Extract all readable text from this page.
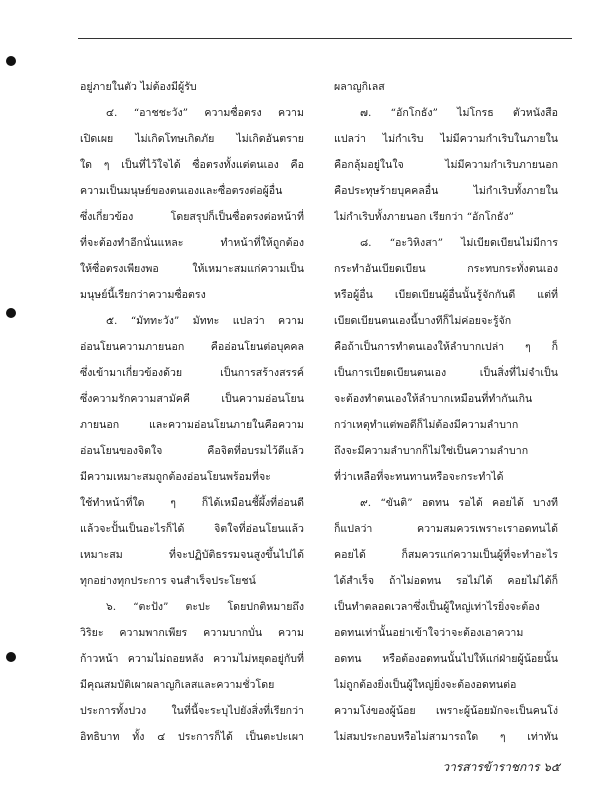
อยู่ภายในตัว ไม่ต้องมีผู้รับ
๔. “อาชชะวัง” ความซื่อตรง ความ
เปิดเผย ไม่เกิดโทษเกิดภัย ไม่เกิดอันตราย
ใด ๆ เป็นที่ไว้ใจได้ ซื่อตรงทั้งแต่ตนเอง คือ
ความเป็นมนุษย์ของตนเองและซื่อตรงต่อผู้อื่น
ซึ่งเกี่ยวข้อง โดยสรุปก็เป็นซื่อตรงต่อหน้าที่
ที่จะต้องทำอีกนั่นแหละ ทำหน้าที่ให้ถูกต้อง
ให้ซื่อตรงเพียงพอ ให้เหมาะสมแก่ความเป็น
มนุษย์นี้เรียกว่าความซื่อตรง
๕. “มัททะวัง” มัททะ แปลว่า ความ
อ่อนโยนความภายนอก คืออ่อนโยนต่อบุคคล
ซึ่งเข้ามาเกี่ยวข้องด้วย เป็นการสร้างสรรค์
ซึ่งความรักความสามัคคี เป็นความอ่อนโยน
ภายนอก และความอ่อนโยนภายในคือความ
อ่อนโยนของจิตใจ คือจิตที่อบรมไว้ดีแล้ว
มีความเหมาะสมถูกต้องอ่อนโยนพร้อมที่จะ
ใช้ทำหน้าที่ใด ๆ ก็ได้เหมือนชี้ผึ้งที่อ่อนดี
แล้วจะปั้นเป็นอะไรก็ได้ จิตใจที่อ่อนโยนแล้ว
เหมาะสม ที่จะปฏิบัติธรรมจนสูงขึ้นไปได้
ทุกอย่างทุกประการ จนสำเร็จประโยชน์
๖. “ตะปัง” ตะปะ โดยปกติหมายถึง
วิริยะ ความพากเพียร ความบากบั่น ความ
ก้าวหน้า ความไม่ถอยหลัง ความไม่หยุดอยู่กับที่
มีคุณสมบัติเผาผลาญกิเลสและความชั่วโดย
ประการทั้งปวง ในที่นี้จะระบุไปยังสิ่งที่เรียกว่า
อิทธิบาท ทั้ง ๔ ประการก็ได้ เป็นตะปะเผา
ผลาญกิเลส
๗. “อักโกธัง” ไม่โกรธ ตัวหนังสือ
แปลว่า ไม่กำเริบ ไม่มีความกำเริบในภายใน
คือกลุ้มอยู่ในใจ ไม่มีความกำเริบภายนอก
คือประทุษร้ายบุคคลอื่น ไม่กำเริบทั้งภายใน
ไม่กำเริบทั้งภายนอก เรียกว่า “อักโกธัง”
๘. “อะวิหิงสา” ไม่เบียดเบียนไม่มีการ
กระทำอันเบียดเบียน กระทบกระทั่งตนเอง
หรือผู้อื่น เบียดเบียนผู้อื่นนั้นรู้จักกันดี แต่ที่
เบียดเบียนตนเองนี้บางทีก็ไม่ค่อยจะรู้จัก
คือถ้าเป็นการทำตนเองให้ลำบากเปล่า ๆ ก็
เป็นการเบียดเบียนตนเอง เป็นสิ่งที่ไม่จำเป็น
จะต้องทำตนเองให้ลำบากเหมือนที่ทำกันเกิน
กว่าเหตุทำแต่พอดีก็ไม่ต้องมีความลำบาก
ถึงจะมีความลำบากก็ไม่ใช่เป็นความลำบาก
ที่ว่าเหลือที่จะทนทานหรือจะกระทำได้
๙. “ขันติ” อดทน รอได้ คอยได้ บางที
ก็แปลว่า ความสมควรเพราะเราอดทนได้
คอยได้ ก็สมควรแก่ความเป็นผู้ที่จะทำอะไร
ได้สำเร็จ ถ้าไม่อดทน รอไม่ได้ คอยไม่ได้ก็
เป็นทำตลอดเวลาซึ่งเป็นผู้ใหญ่เท่าไรยิ่งจะต้อง
อดทนเท่านั้นอย่าเข้าใจว่าจะต้องเอาความ
อดทน หรือต้องอดทนนั้นไปให้แก่ฝ่ายผู้น้อยนั้น
ไม่ถูกต้องยิ่งเป็นผู้ใหญ่ยิ่งจะต้องอดทนต่อ
ความโง่ของผู้น้อย เพราะผู้น้อยมักจะเป็นคนโง่
ไม่สมประกอบหรือไม่สามารถใด ๆ เท่าทัน
วารสารข้าราชการ ๖๕
